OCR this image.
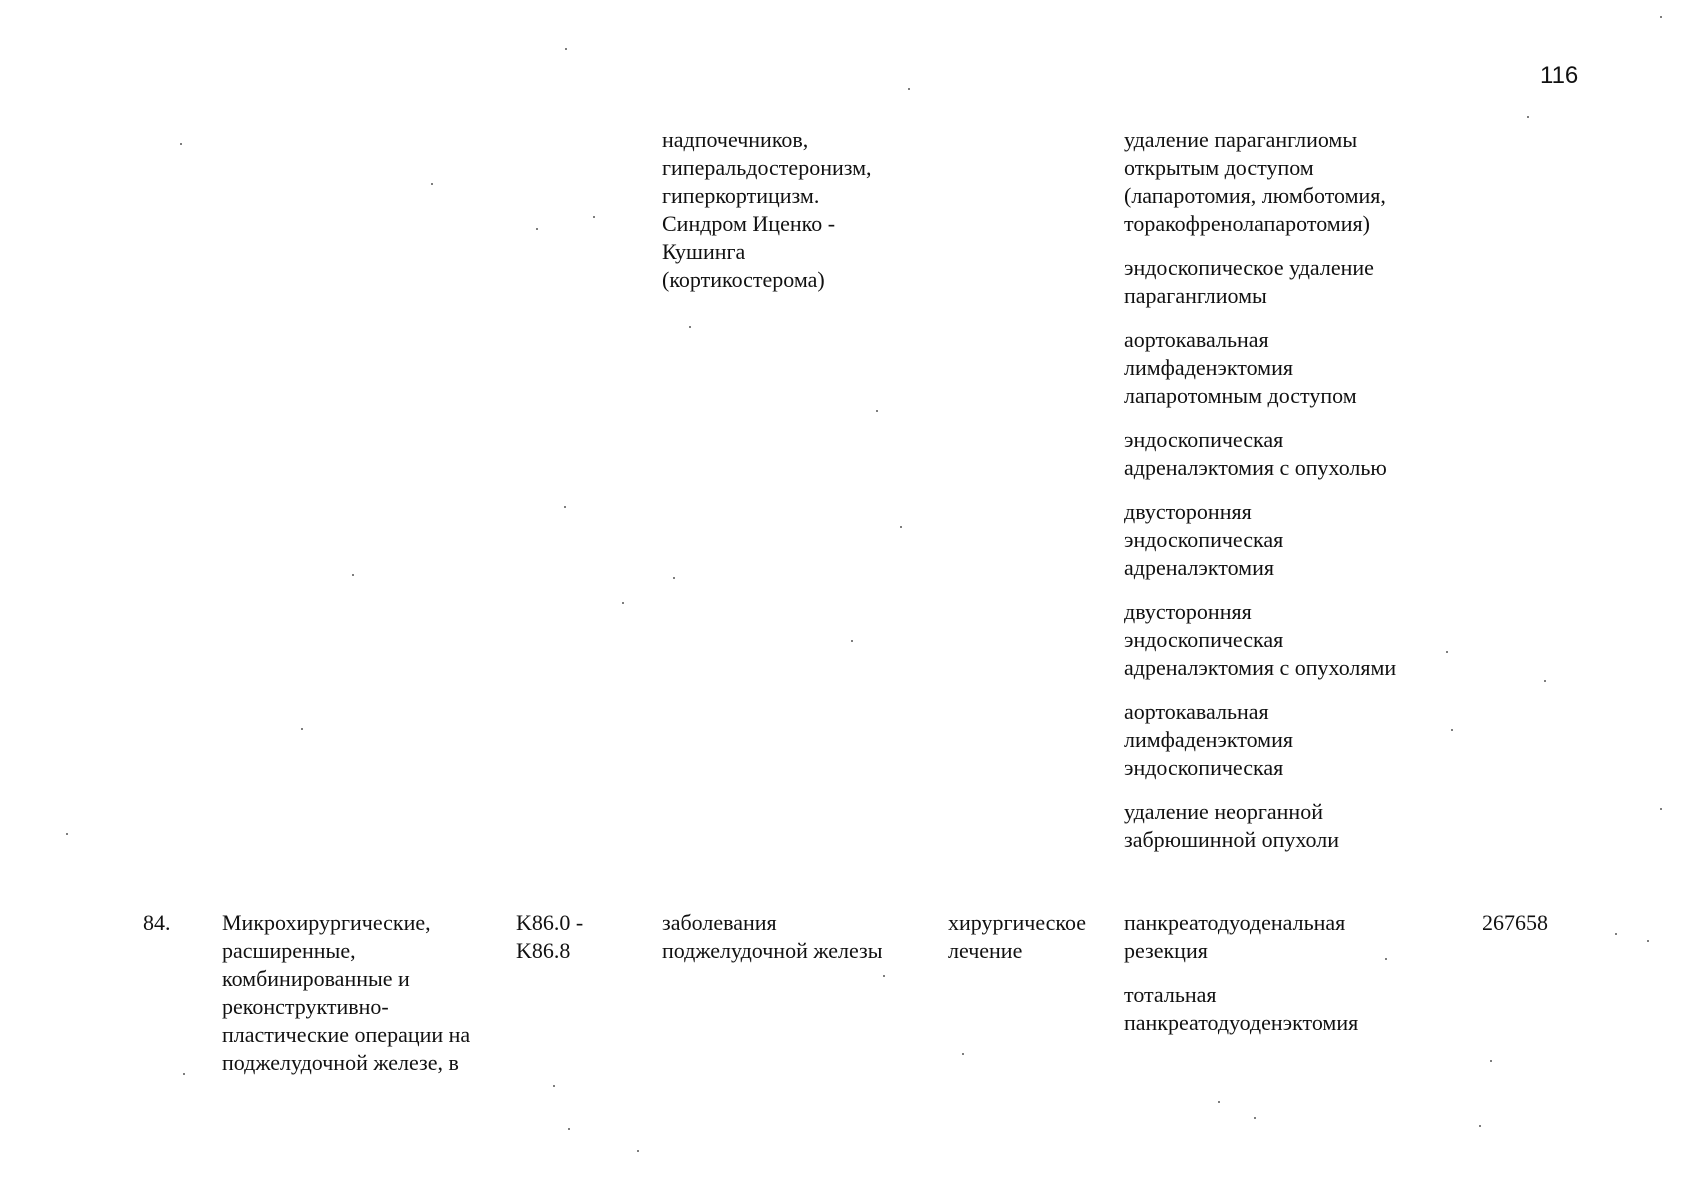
116
надпочечников,
гиперальдостеронизм,
гиперкортицизм.
Синдром Иценко -
Кушинга
(кортикостерома)
удаление параганглиомы
открытым доступом
(лапаротомия, люмботомия,
торакофренолапаротомия)
эндоскопическое удаление
параганглиомы
аортокавальная
лимфаденэктомия
лапаротомным доступом
эндоскопическая
адреналэктомия с опухолью
двусторонняя
эндоскопическая
адреналэктомия
двусторонняя
эндоскопическая
адреналэктомия с опухолями
аортокавальная
лимфаденэктомия
эндоскопическая
удаление неорганной
забрюшинной опухоли
84. Микрохирургические,
расширенные,
комбинированные и
реконструктивно-
пластические операции на
поджелудочной железе, в
K86.0 -
K86.8
заболевания
поджелудочной железы
хирургическое
лечение
панкреатодуоденальная
резекция
тотальная
панкреатодуоденэктомия
267658
